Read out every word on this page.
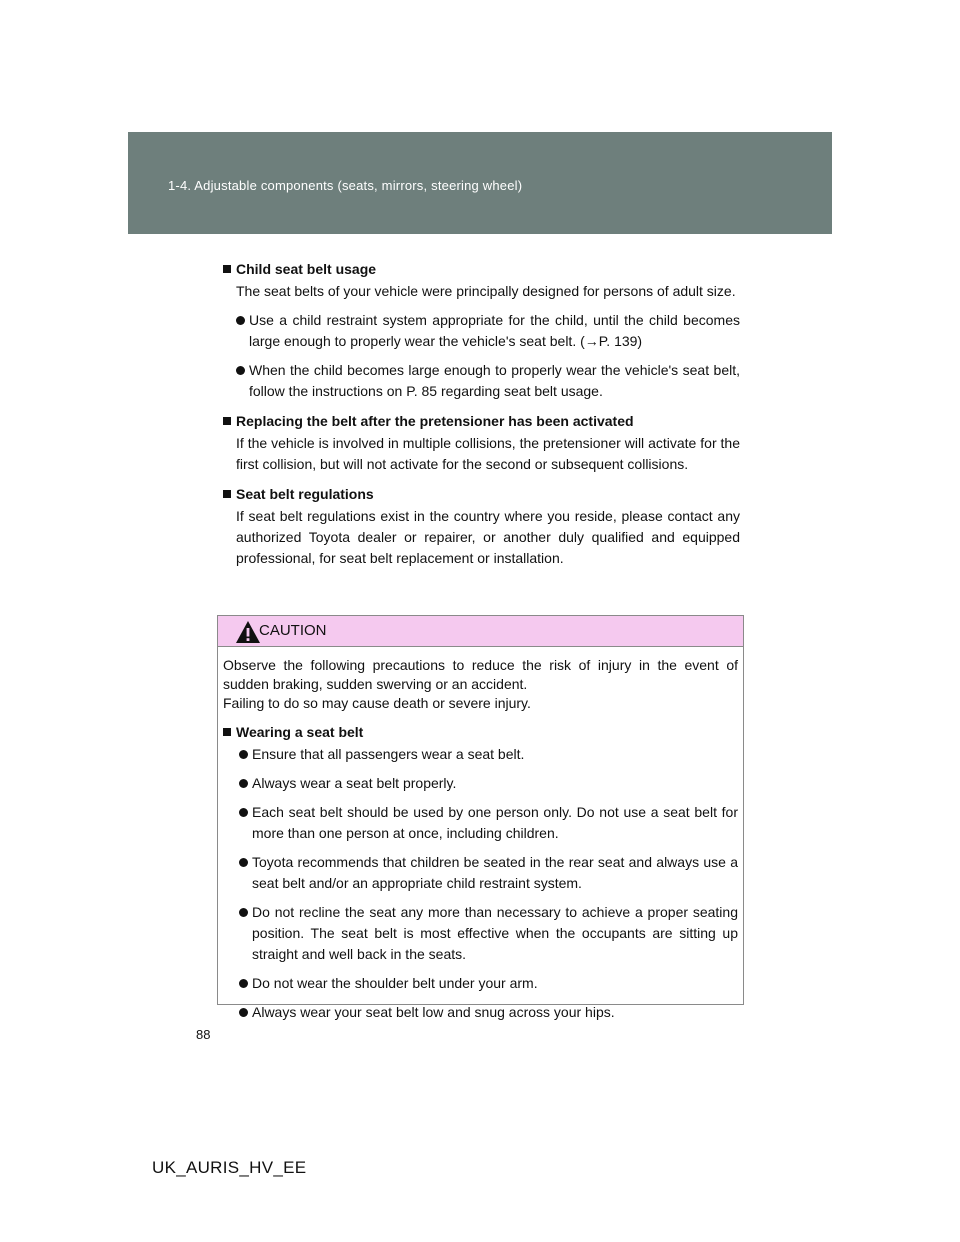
1-4. Adjustable components (seats, mirrors, steering wheel)
Child seat belt usage
The seat belts of your vehicle were principally designed for persons of adult size.
Use a child restraint system appropriate for the child, until the child becomes large enough to properly wear the vehicle's seat belt. (→P. 139)
When the child becomes large enough to properly wear the vehicle's seat belt, follow the instructions on P. 85 regarding seat belt usage.
Replacing the belt after the pretensioner has been activated
If the vehicle is involved in multiple collisions, the pretensioner will activate for the first collision, but will not activate for the second or subsequent collisions.
Seat belt regulations
If seat belt regulations exist in the country where you reside, please contact any authorized Toyota dealer or repairer, or another duly qualified and equipped professional, for seat belt replacement or installation.
CAUTION
Observe the following precautions to reduce the risk of injury in the event of sudden braking, sudden swerving or an accident.
Failing to do so may cause death or severe injury.
Wearing a seat belt
Ensure that all passengers wear a seat belt.
Always wear a seat belt properly.
Each seat belt should be used by one person only. Do not use a seat belt for more than one person at once, including children.
Toyota recommends that children be seated in the rear seat and always use a seat belt and/or an appropriate child restraint system.
Do not recline the seat any more than necessary to achieve a proper seating position. The seat belt is most effective when the occupants are sitting up straight and well back in the seats.
Do not wear the shoulder belt under your arm.
Always wear your seat belt low and snug across your hips.
88
UK_AURIS_HV_EE
